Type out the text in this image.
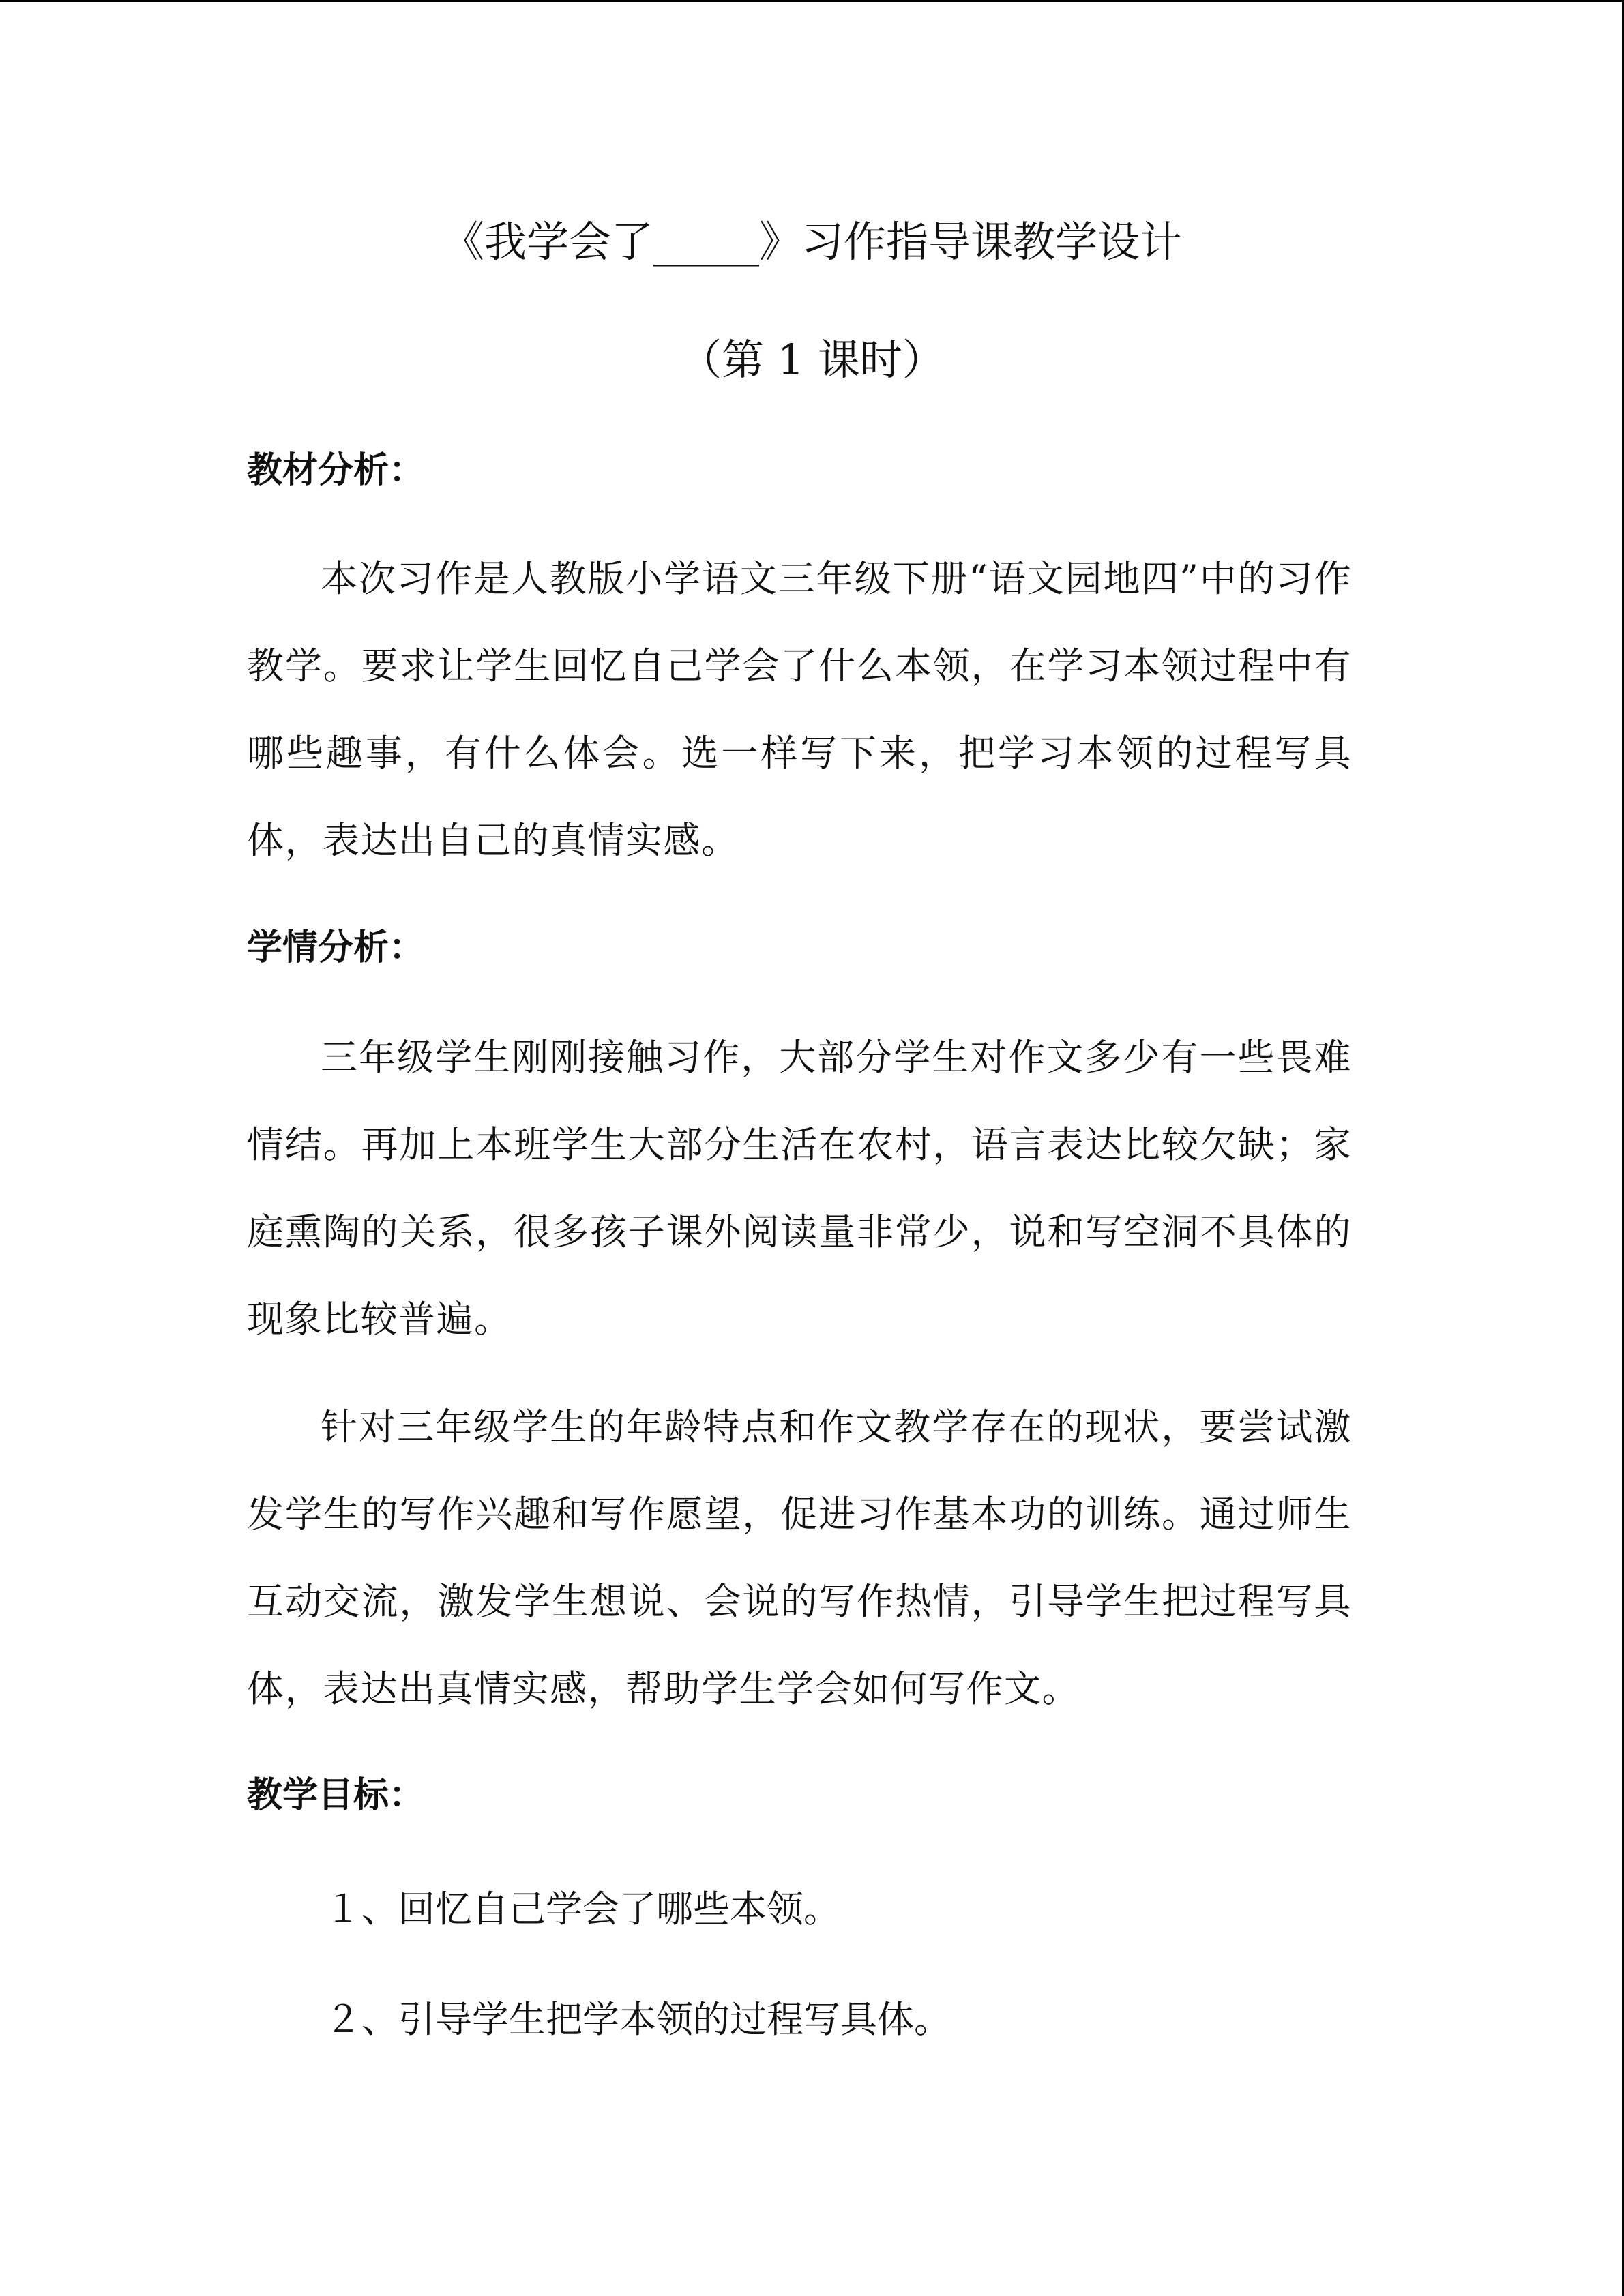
《我学会了_____》习作指导课教学设计
（第 1 课时）
教材分析：

本次习作是人教版小学语文三年级下册“语文园地四”中的习作教学。要求让学生回忆自己学会了什么本领，在学习本领过程中有哪些趣事，有什么体会。选一样写下来，把学习本领的过程写具体，表达出自己的真情实感。

学情分析：

三年级学生刚刚接触习作，大部分学生对作文多少有一些畏难情结。再加上本班学生大部分生活在农村，语言表达比较欠缺；家庭熏陶的关系，很多孩子课外阅读量非常少，说和写空洞不具体的现象比较普遍。

针对三年级学生的年龄特点和作文教学存在的现状，要尝试激发学生的写作兴趣和写作愿望，促进习作基本功的训练。通过师生互动交流，激发学生想说、会说的写作热情，引导学生把过程写具体，表达出真情实感，帮助学生学会如何写作文。

教学目标：
１、回忆自己学会了哪些本领。
２、引导学生把学本领的过程写具体。
